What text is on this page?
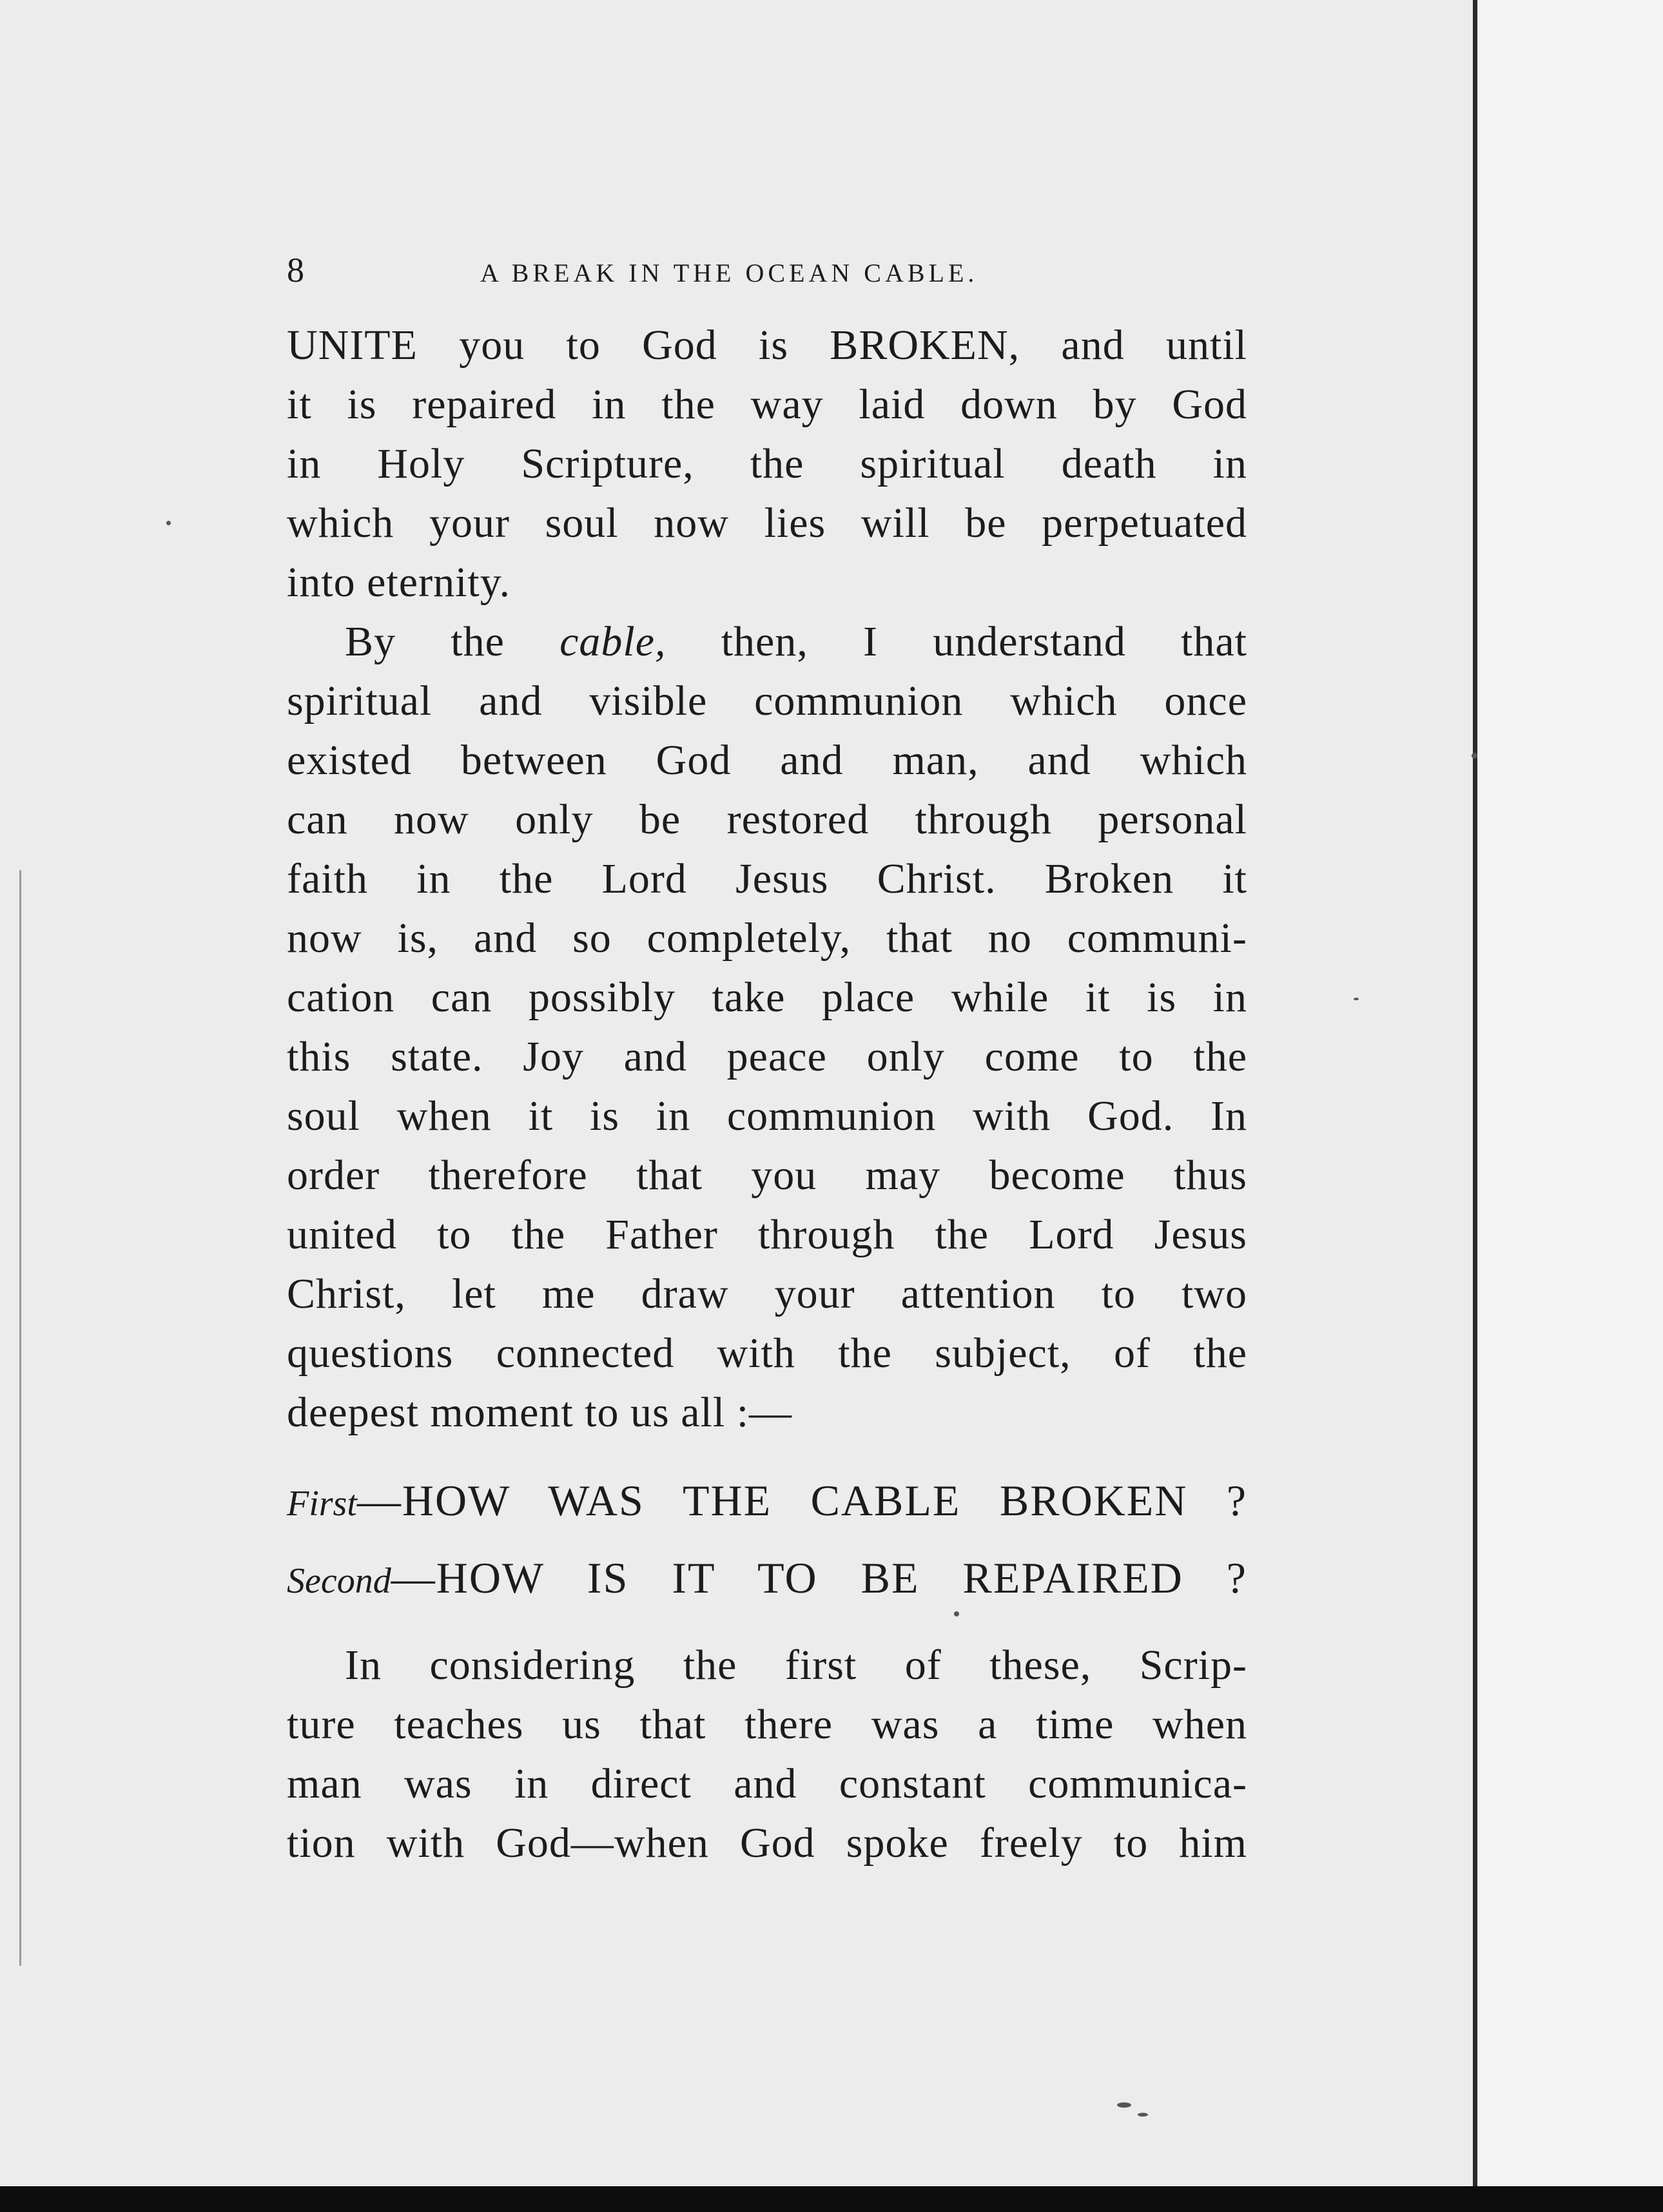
8	A BREAK IN THE OCEAN CABLE.
UNITE you to God is BROKEN, and until
it is repaired in the way laid down by God
in Holy Scripture, the spiritual death in
which your soul now lies will be perpetuated
into eternity.
By the cable, then, I understand that
spiritual and visible communion which once
existed between God and man, and which
can now only be restored through personal
faith in the Lord Jesus Christ. Broken it
now is, and so completely, that no communi-
cation can possibly take place while it is in
this state. Joy and peace only come to the
soul when it is in communion with God. In
order therefore that you may become thus
united to the Father through the Lord Jesus
Christ, let me draw your attention to two
questions connected with the subject, of the
deepest moment to us all :—
First—HOW WAS THE CABLE BROKEN ?
Second—HOW IS IT TO BE REPAIRED ?
In considering the first of these, Scrip-
ture teaches us that there was a time when
man was in direct and constant communica-
tion with God—when God spoke freely to him
